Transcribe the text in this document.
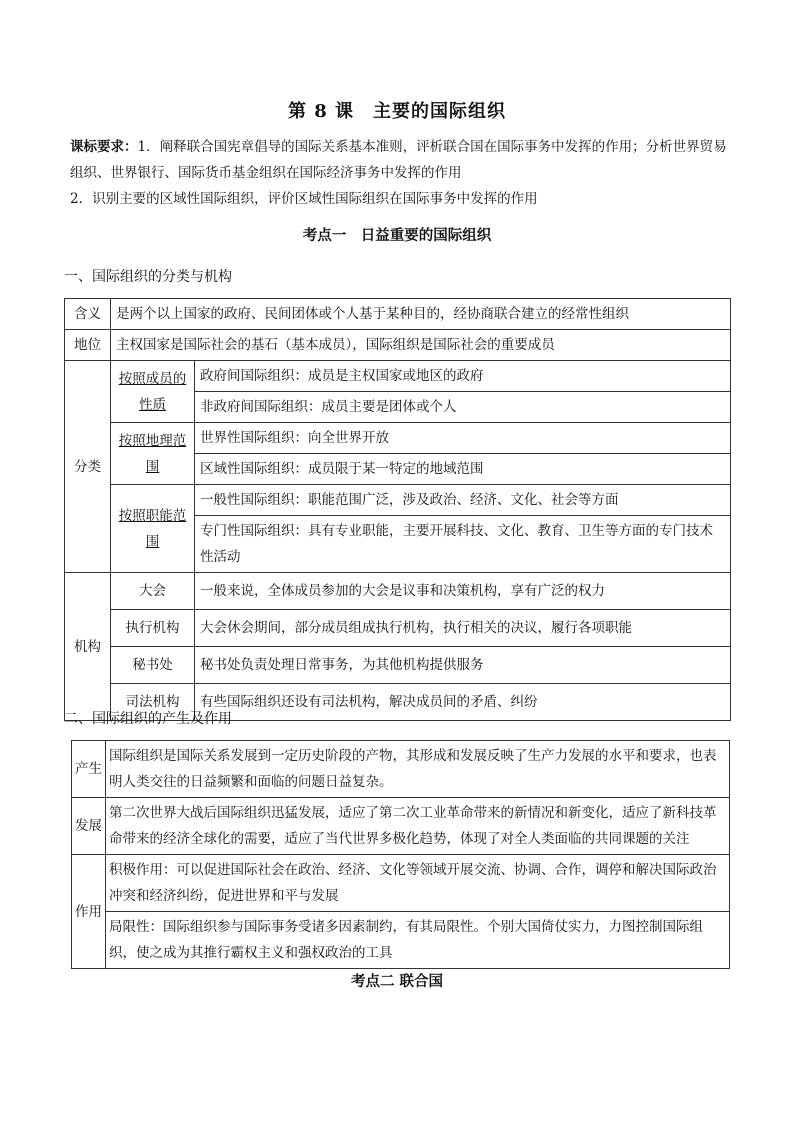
第 8 课　主要的国际组织
课标要求：1．阐释联合国宪章倡导的国际关系基本准则，评析联合国在国际事务中发挥的作用；分析世界贸易组织、世界银行、国际货币基金组织在国际经济事务中发挥的作用
2．识别主要的区域性国际组织，评价区域性国际组织在国际事务中发挥的作用
考点一　日益重要的国际组织
一、国际组织的分类与机构
含义	是两个以上国家的政府、民间团体或个人基于某种目的，经协商联合建立的经常性组织	
地位	主权国家是国际社会的基石（基本成员），国际组织是国际社会的重要成员	
分类	按照成员的性质	政府间国际组织：成员是主权国家或地区的政府
		非政府间国际组织：成员主要是团体或个人
	按照地理范围	世界性国际组织：向全世界开放
		区域性国际组织：成员限于某一特定的地域范围
	按照职能范围	一般性国际组织：职能范围广泛，涉及政治、经济、文化、社会等方面
		专门性国际组织：具有专业职能，主要开展科技、文化、教育、卫生等方面的专门技术性活动
机构	大会	一般来说，全体成员参加的大会是议事和决策机构，享有广泛的权力
	执行机构	大会休会期间，部分成员组成执行机构，执行相关的决议，履行各项职能
	秘书处	秘书处负责处理日常事务，为其他机构提供服务
	司法机构	有些国际组织还设有司法机构，解决成员间的矛盾、纠纷
二、国际组织的产生及作用
产生	国际组织是国际关系发展到一定历史阶段的产物，其形成和发展反映了生产力发展的水平和要求，也表明人类交往的日益频繁和面临的问题日益复杂。
发展	第二次世界大战后国际组织迅猛发展，适应了第二次工业革命带来的新情况和新变化，适应了新科技革命带来的经济全球化的需要，适应了当代世界多极化趋势，体现了对全人类面临的共同课题的关注
作用	积极作用：可以促进国际社会在政治、经济、文化等领域开展交流、协调、合作，调停和解决国际政治冲突和经济纠纷，促进世界和平与发展
	局限性：国际组织参与国际事务受诸多因素制约，有其局限性。个别大国倚仗实力，力图控制国际组织，使之成为其推行霸权主义和强权政治的工具
考点二 联合国
